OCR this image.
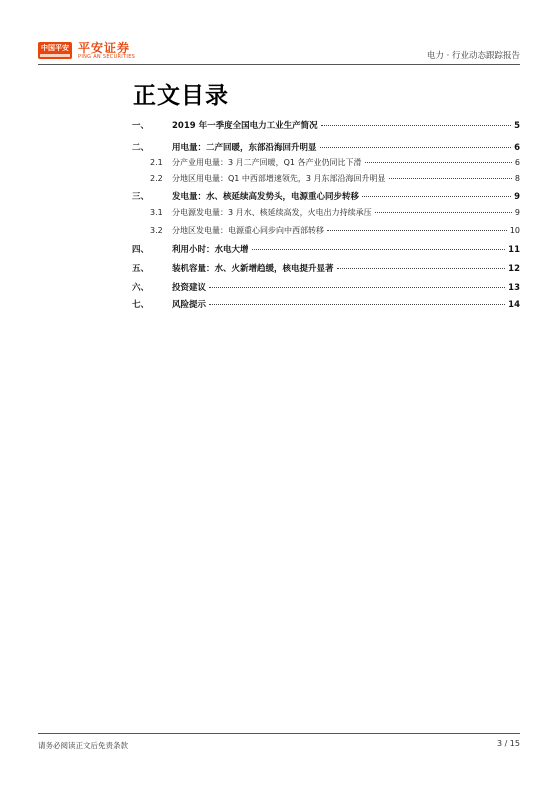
中国平安 平安证券
PING AN SECURITIES	电力 · 行业动态跟踪报告
正文目录
一、	2019 年一季度全国电力工业生产简况	5
二、	用电量：二产回暖，东部沿海回升明显	6
2.1	分产业用电量：3 月二产回暖，Q1 各产业仍同比下滑	6
2.2	分地区用电量：Q1 中西部增速领先，3 月东部沿海回升明显	8
三、	发电量：水、核延续高发势头，电源重心同步转移	9
3.1	分电源发电量：3 月水、核延续高发，火电出力持续承压	9
3.2	分地区发电量：电源重心同步向中西部转移	10
四、	利用小时：水电大增	11
五、	装机容量：水、火新增趋缓，核电提升显著	12
六、	投资建议	13
七、	风险提示	14
请务必阅读正文后免责条款	3 / 15
